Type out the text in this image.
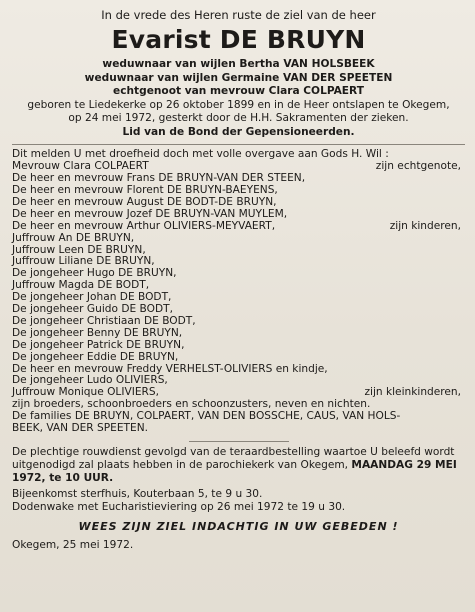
In de vrede des Heren ruste de ziel van de heer
Evarist DE BRUYN
weduwnaar van wijlen Bertha VAN HOLSBEEK
weduwnaar van wijlen Germaine VAN DER SPEETEN
echtgenoot van mevrouw Clara COLPAERT
geboren te Liedekerke op 26 oktober 1899 en in de Heer ontslapen te Okegem,
op 24 mei 1972, gesterkt door de H.H. Sakramenten der zieken.
Lid van de Bond der Gepensioneerden.
Dit melden U met droefheid doch met volle overgave aan Gods H. Wil :
Mevrouw Clara COLPAERT	zijn echtgenote,
De heer en mevrouw Frans DE BRUYN-VAN DER STEEN,
De heer en mevrouw Florent DE BRUYN-BAEYENS,
De heer en mevrouw August DE BODT-DE BRUYN,
De heer en mevrouw Jozef DE BRUYN-VAN MUYLEM,
De heer en mevrouw Arthur OLIVIERS-MEYVAERT,	zijn kinderen,
Juffrouw An DE BRUYN,
Juffrouw Leen DE BRUYN,
Juffrouw Liliane DE BRUYN,
De jongeheer Hugo DE BRUYN,
Juffrouw Magda DE BODT,
De jongeheer Johan DE BODT,
De jongeheer Guido DE BODT,
De jongeheer Christiaan DE BODT,
De jongeheer Benny DE BRUYN,
De jongeheer Patrick DE BRUYN,
De jongeheer Eddie DE BRUYN,
De heer en mevrouw Freddy VERHELST-OLIVIERS en kindje,
De jongeheer Ludo OLIVIERS,
Juffrouw Monique OLIVIERS,	zijn kleinkinderen,
zijn broeders, schoonbroeders en schoonzusters, neven en nichten.
De families DE BRUYN, COLPAERT, VAN DEN BOSSCHE, CAUS, VAN HOLS-
BEEK, VAN DER SPEETEN.
De plechtige rouwdienst gevolgd van de teraardbestelling waartoe U beleefd wordt uitgenodigd zal plaats hebben in de parochiekerk van Okegem, MAANDAG 29 MEI 1972, te 10 UUR.
Bijeenkomst sterfhuis, Kouterbaan 5, te 9 u 30.
Dodenwake met Eucharistieviering op 26 mei 1972 te 19 u 30.
WEES ZIJN ZIEL INDACHTIG IN UW GEBEDEN !
Okegem, 25 mei 1972.
